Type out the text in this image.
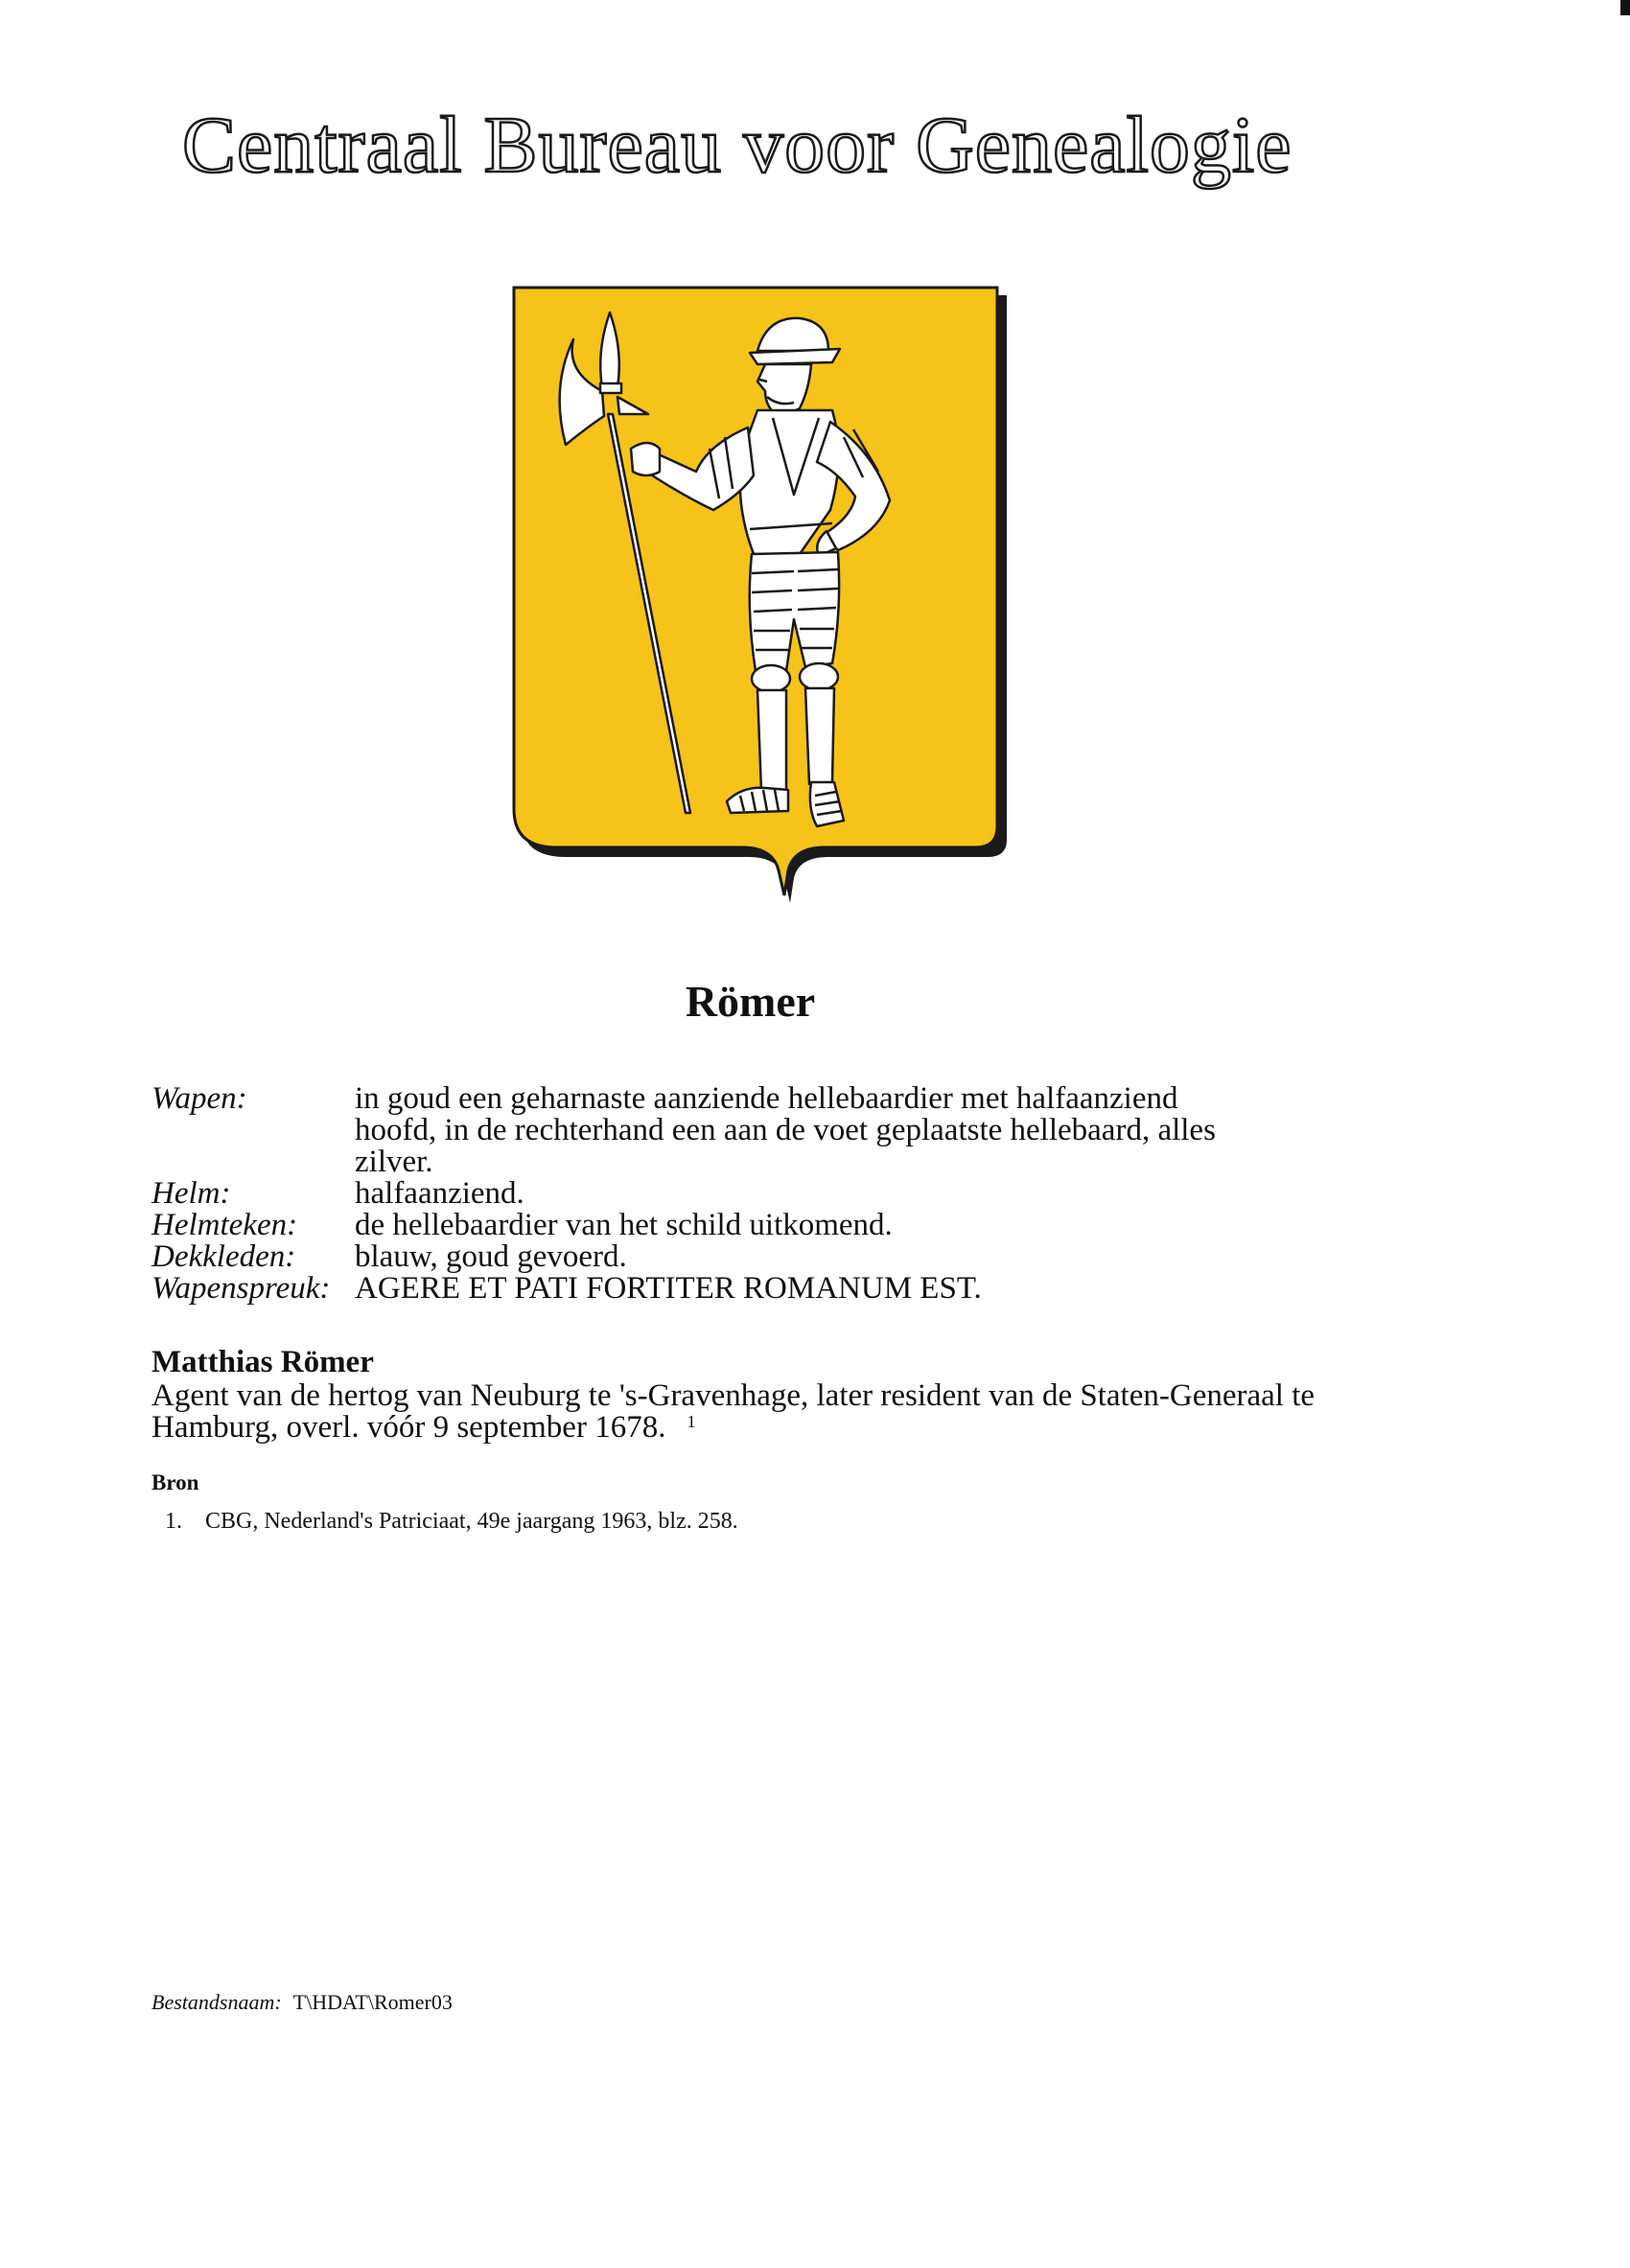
Centraal Bureau voor Genealogie
Römer
Wapen:	in goud een geharnaste aanziende hellebaardier met halfaanziend hoofd, in de rechterhand een aan de voet geplaatste hellebaard, alles zilver.
Helm:	halfaanziend.
Helmteken:	de hellebaardier van het schild uitkomend.
Dekkleden:	blauw, goud gevoerd.
Wapenspreuk: AGERE ET PATI FORTITER ROMANUM EST.
Matthias Römer
Agent van de hertog van Neuburg te 's-Gravenhage, later resident van de Staten-Generaal te Hamburg, overl. vóór 9 september 1678. $^1$
Bron
1.	CBG, Nederland's Patriciaat, 49e jaargang 1963, blz. 258.
Bestandsnaam: T\HDAT\Romer03
